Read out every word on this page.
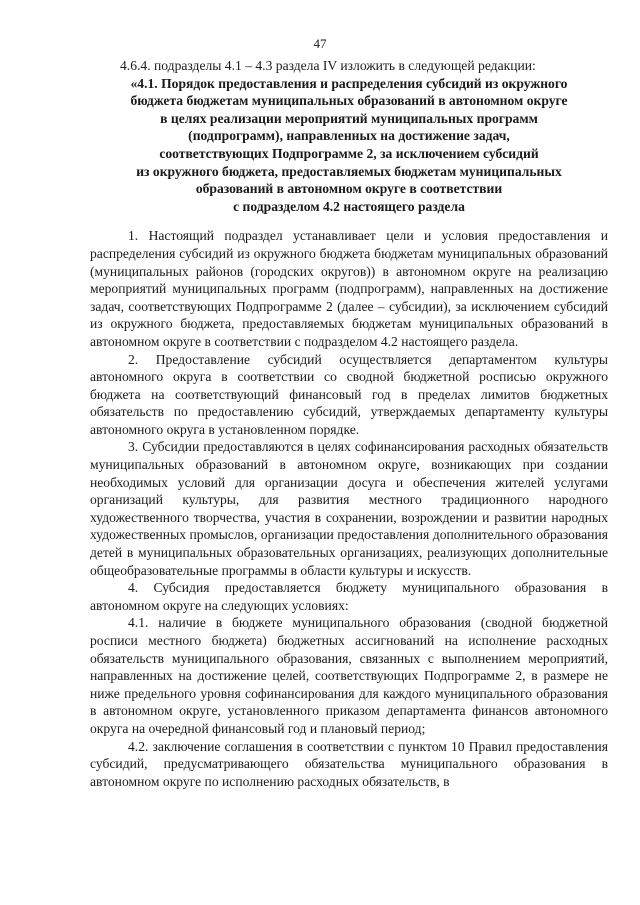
47

4.6.4. подразделы 4.1 – 4.3 раздела IV изложить в следующей редакции:

«4.1. Порядок предоставления и распределения субсидий из окружного
бюджета бюджетам муниципальных образований в автономном округе
в целях реализации мероприятий муниципальных программ
(подпрограмм), направленных на достижение задач,
соответствующих Подпрограмме 2, за исключением субсидий
из окружного бюджета, предоставляемых бюджетам муниципальных
образований в автономном округе в соответствии
с подразделом 4.2 настоящего раздела

1. Настоящий подраздел устанавливает цели и условия предоставления и распределения субсидий из окружного бюджета бюджетам муниципальных образований (муниципальных районов (городских округов)) в автономном округе на реализацию мероприятий муниципальных программ (подпрограмм), направленных на достижение задач, соответствующих Подпрограмме 2 (далее – субсидии), за исключением субсидий из окружного бюджета, предоставляемых бюджетам муниципальных образований в автономном округе в соответствии с подразделом 4.2 настоящего раздела.

2. Предоставление субсидий осуществляется департаментом культуры автономного округа в соответствии со сводной бюджетной росписью окружного бюджета на соответствующий финансовый год в пределах лимитов бюджетных обязательств по предоставлению субсидий, утверждаемых департаменту культуры автономного округа в установленном порядке.

3. Субсидии предоставляются в целях софинансирования расходных обязательств муниципальных образований в автономном округе, возникающих при создании необходимых условий для организации досуга и обеспечения жителей услугами организаций культуры, для развития местного традиционного народного художественного творчества, участия в сохранении, возрождении и развитии народных художественных промыслов, организации предоставления дополнительного образования детей в муниципальных образовательных организациях, реализующих дополнительные общеобразовательные программы в области культуры и искусств.

4. Субсидия предоставляется бюджету муниципального образования в автономном округе на следующих условиях:

4.1. наличие в бюджете муниципального образования (сводной бюджетной росписи местного бюджета) бюджетных ассигнований на исполнение расходных обязательств муниципального образования, связанных с выполнением мероприятий, направленных на достижение целей, соответствующих Подпрограмме 2, в размере не ниже предельного уровня софинансирования для каждого муниципального образования в автономном округе, установленного приказом департамента финансов автономного округа на очередной финансовый год и плановый период;

4.2. заключение соглашения в соответствии с пунктом 10 Правил предоставления субсидий, предусматривающего обязательства муниципального образования в автономном округе по исполнению расходных обязательств, в
